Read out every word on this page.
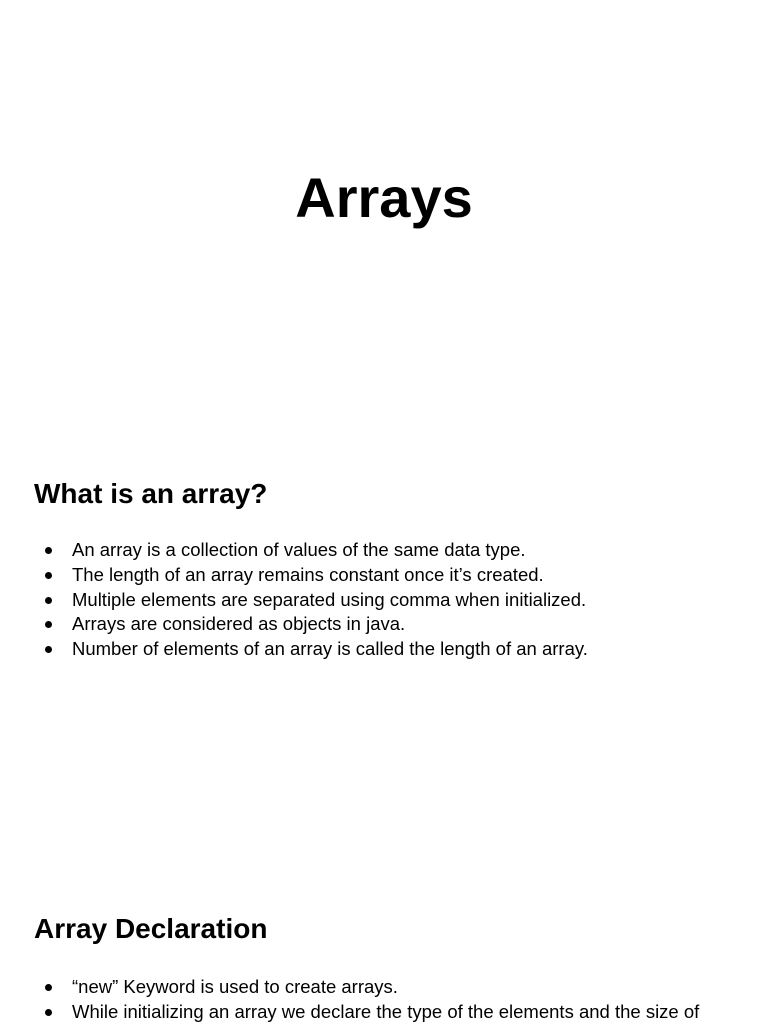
Arrays
What is an array?
An array is a collection of values of the same data type.
The length of an array remains constant once it’s created.
Multiple elements are separated using comma when initialized.
Arrays are considered as objects in java.
Number of elements of an array is called the length of an array.
Array Declaration
“new” Keyword is used to create arrays.
While initializing an array we declare the type of the elements and the size of
